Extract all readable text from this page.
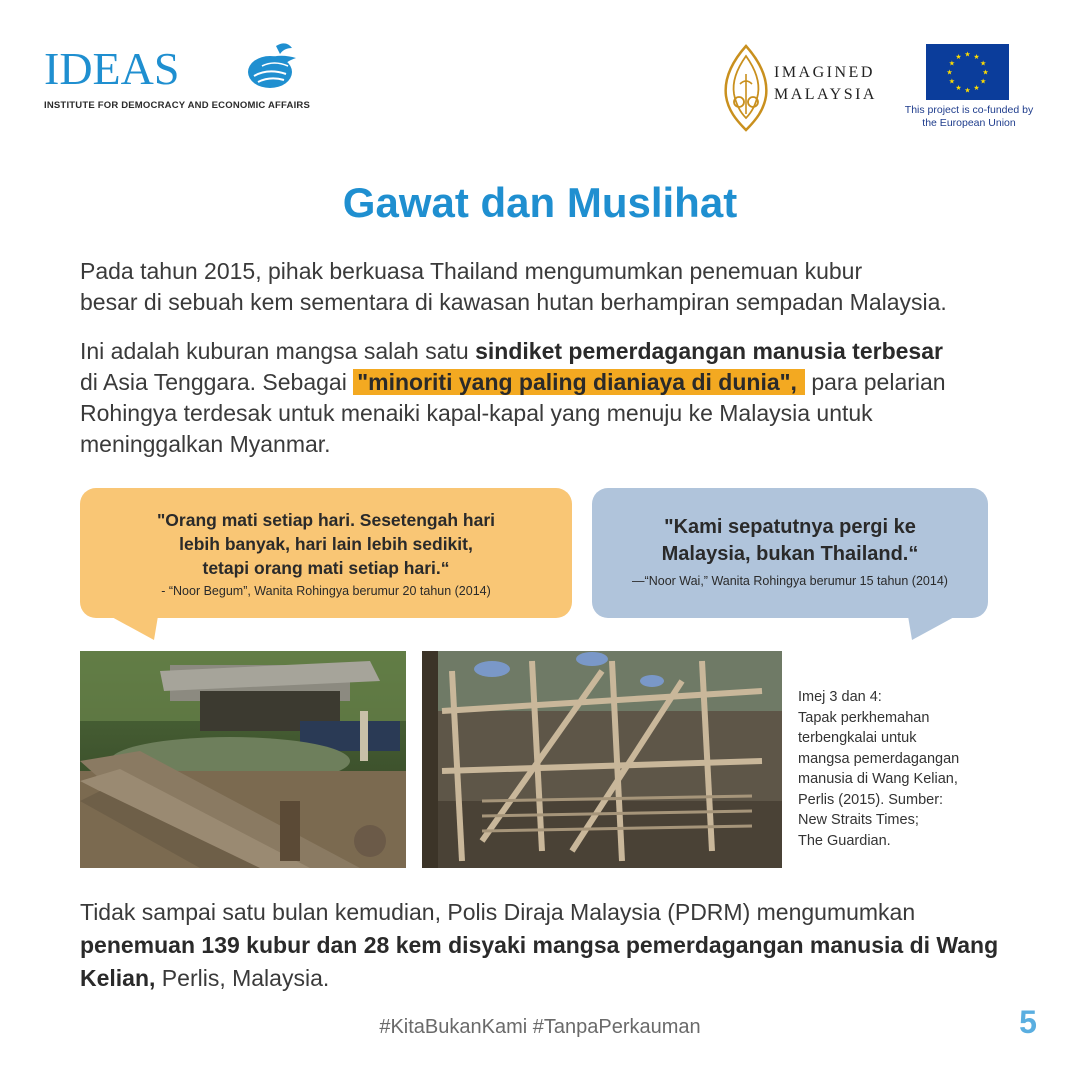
IDEAS
INSTITUTE FOR DEMOCRACY AND ECONOMIC AFFAIRS
IMAGINED
MALAYSIA
★ ★
★
★
★
★
★
★
★
★
★
★
This project is co-funded by
the European Union
Gawat dan Muslihat
Pada tahun 2015, pihak berkuasa Thailand mengumumkan penemuan kubur
besar di sebuah kem sementara di kawasan hutan berhampiran sempadan Malaysia.
Ini adalah kuburan mangsa salah satu sindiket pemerdagangan manusia terbesar di Asia Tenggara. Sebagai "minoriti yang paling dianiaya di dunia", para pelarian Rohingya terdesak untuk menaiki kapal-kapal yang menuju ke Malaysia untuk meninggalkan Myanmar.
"Orang mati setiap hari. Sesetengah hari
lebih banyak, hari lain lebih sedikit,
tetapi orang mati setiap hari.“
- “Noor Begum”, Wanita Rohingya berumur 20 tahun (2014)
"Kami sepatutnya pergi ke
Malaysia, bukan Thailand.“
—“Noor Wai,” Wanita Rohingya berumur 15 tahun (2014)
Imej 3 dan 4:
Tapak perkhemahan
terbengkalai untuk
mangsa pemerdagangan
manusia di Wang Kelian,
Perlis (2015). Sumber:
New Straits Times;
The Guardian.
Tidak sampai satu bulan kemudian, Polis Diraja Malaysia (PDRM) mengumumkan
penemuan 139 kubur dan 28 kem disyaki mangsa pemerdagangan manusia di Wang Kelian, Perlis, Malaysia.
#KitaBukanKami #TanpaPerkauman	5
